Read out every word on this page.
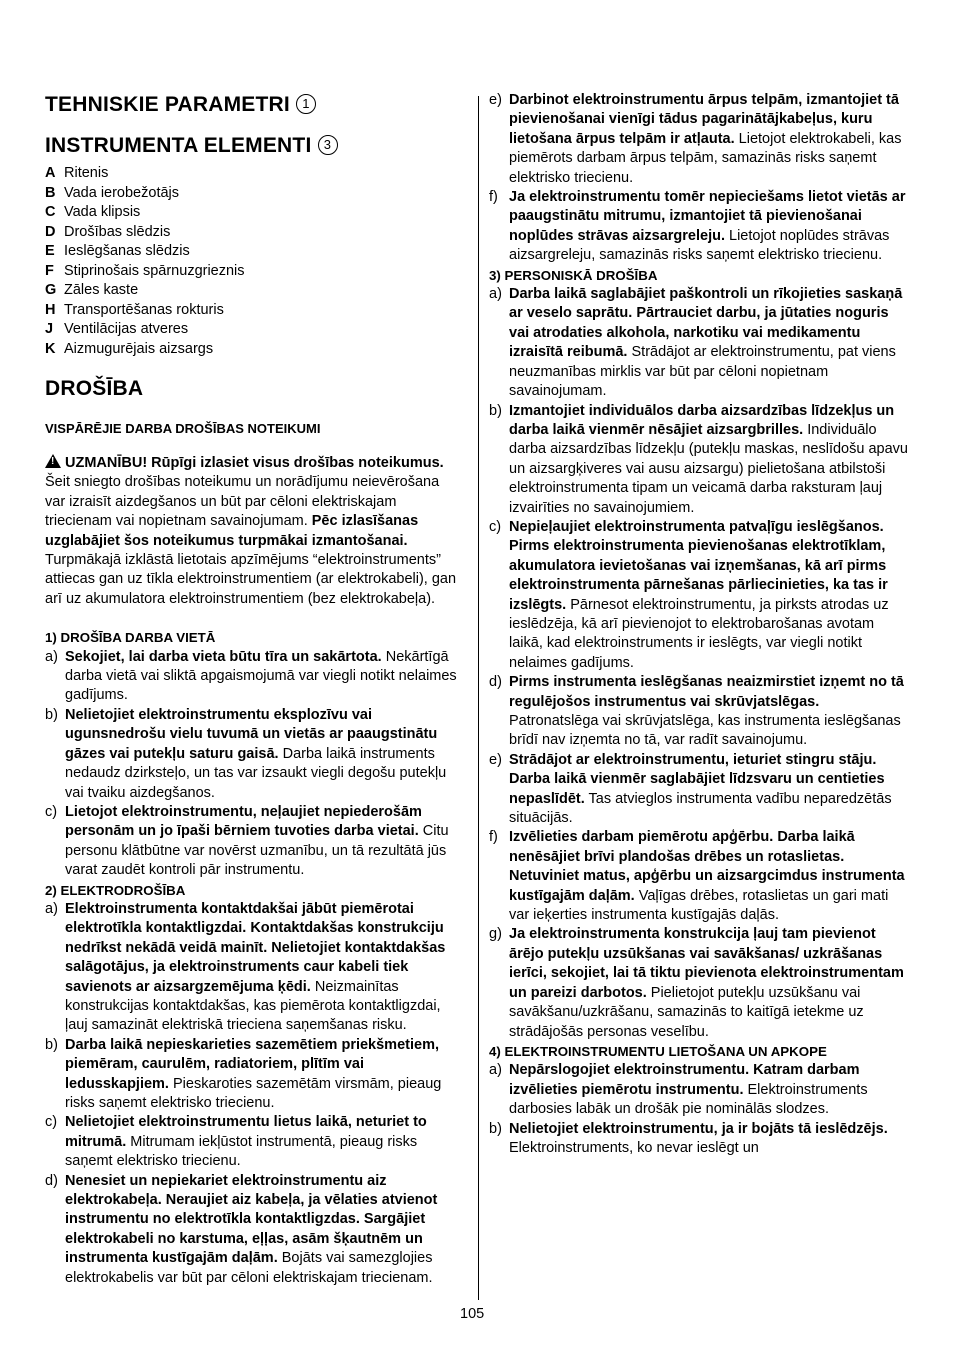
TEHNISKIE PARAMETRI 1
INSTRUMENTA ELEMENTI 3
A Ritenis
B Vada ierobežotājs
C Vada klipsis
D Drošības slēdzis
E Ieslēgšanas slēdzis
F Stiprinošais spārnuzgrieznis
G Zāles kaste
H Transportēšanas rokturis
J Ventilācijas atveres
K Aizmugurējais aizsargs
DROŠĪBA
VISPĀRĒJIE DARBA DROŠĪBAS NOTEIKUMI

!UZMANĪBU! Rūpīgi izlasiet visus drošības noteikumus. Šeit sniegto drošības noteikumu un norādījumu neievērošana var izraisīt aizdegšanos un būt par cēloni elektriskajam triecienam vai nopietnam savainojumam. Pēc izlasīšanas uzglabājiet šos noteikumus turpmākai izmantošanai. Turpmākajā izklāstā lietotais apzīmējums “elektroinstruments” attiecas gan uz tīkla elektroinstrumentiem (ar elektrokabeli), gan arī uz akumulatora elektroinstrumentiem (bez elektrokabeļa).

1) DROŠĪBA DARBA VIETĀ

a) Sekojiet, lai darba vieta būtu tīra un sakārtota. Nekārtīgā darba vietā vai sliktā apgaismojumā var viegli notikt nelaimes gadījums.
b) Nelietojiet elektroinstrumentu eksplozīvu vai ugunsnedrošu vielu tuvumā un vietās ar paaugstinātu gāzes vai putekļu saturu gaisā. Darba laikā instruments nedaudz dzirksteļo, un tas var izsaukt viegli degošu putekļu vai tvaiku aizdegšanos.
c) Lietojot elektroinstrumentu, neļaujiet nepiederošām personām un jo īpaši bērniem tuvoties darba vietai. Citu personu klātbūtne var novērst uzmanību, un tā rezultātā jūs varat zaudēt kontroli pār instrumentu.

2) ELEKTRODROŠĪBA

a) Elektroinstrumenta kontaktdakšai jābūt piemērotai elektrotīkla kontaktligzdai. Kontaktdakšas konstrukciju nedrīkst nekādā veidā mainīt. Nelietojiet kontaktdakšas salāgotājus, ja elektroinstruments caur kabeli tiek savienots ar aizsargzemējuma ķēdi. Neizmainītas konstrukcijas kontaktdakšas, kas piemērota kontaktligzdai, ļauj samazināt elektriskā trieciena saņemšanas risku.
b) Darba laikā nepieskarieties sazemētiem priekšmetiem, piemēram, caurulēm, radiatoriem, plītīm vai ledusskapjiem. Pieskaroties sazemētām virsmām, pieaug risks saņemt elektrisko triecienu.
c) Nelietojiet elektroinstrumentu lietus laikā, neturiet to mitrumā. Mitrumam iekļūstot instrumentā, pieaug risks saņemt elektrisko triecienu.
d) Nenesiet un nepiekariet elektroinstrumentu aiz elektrokabeļa. Neraujiet aiz kabeļa, ja vēlaties atvienot instrumentu no elektrotīkla kontaktligzdas. Sargājiet elektrokabeli no karstuma, eļļas, asām šķautnēm un instrumenta kustīgajām daļām. Bojāts vai samezglojies elektrokabelis var būt par cēloni elektriskajam triecienam.
e) Darbinot elektroinstrumentu ārpus telpām, izmantojiet tā pievienošanai vienīgi tādus pagarinātājkabeļus, kuru lietošana ārpus telpām ir atļauta. Lietojot elektrokabeli, kas piemērots darbam ārpus telpām, samazinās risks saņemt elektrisko triecienu.
f) Ja elektroinstrumentu tomēr nepieciešams lietot vietās ar paaugstinātu mitrumu, izmantojiet tā pievienošanai noplūdes strāvas aizsargreleju. Lietojot noplūdes strāvas aizsargreleju, samazinās risks saņemt elektrisko triecienu.

3) PERSONISKĀ DROŠĪBA

a) Darba laikā saglabājiet paškontroli un rīkojieties saskaņā ar veselo saprātu. Pārtrauciet darbu, ja jūtaties noguris vai atrodaties alkohola, narkotiku vai medikamentu izraisītā reibumā. Strādājot ar elektroinstrumentu, pat viens neuzmanības mirklis var būt par cēloni nopietnam savainojumam.
b) Izmantojiet individuālos darba aizsardzības līdzekļus un darba laikā vienmēr nēsājiet aizsargbrilles. Individuālo darba aizsardzības līdzekļu (putekļu maskas, neslīdošu apavu un aizsargķiveres vai ausu aizsargu) pielietošana atbilstoši elektroinstrumenta tipam un veicamā darba raksturam ļauj izvairīties no savainojumiem.
c) Nepieļaujiet elektroinstrumenta patvaļīgu ieslēgšanos. Pirms elektroinstrumenta pievienošanas elektrotīklam, akumulatora ievietošanas vai izņemšanas, kā arī pirms elektroinstrumenta pārnešanas pārliecinieties, ka tas ir izslēgts. Pārnesot elektroinstrumentu, ja pirksts atrodas uz ieslēdzēja, kā arī pievienojot to elektrobarošanas avotam laikā, kad elektroinstruments ir ieslēgts, var viegli notikt nelaimes gadījums.
d) Pirms instrumenta ieslēgšanas neaizmirstiet izņemt no tā regulējošos instrumentus vai skrūvjatslēgas. Patronatslēga vai skrūvjatslēga, kas instrumenta ieslēgšanas brīdī nav izņemta no tā, var radīt savainojumu.
e) Strādājot ar elektroinstrumentu, ieturiet stingru stāju. Darba laikā vienmēr saglabājiet līdzsvaru un centieties nepaslīdēt. Tas atvieglos instrumenta vadību neparedzētās situācijās.
f) Izvēlieties darbam piemērotu apģērbu. Darba laikā nenēsājiet brīvi plandošas drēbes un rotaslietas. Netuviniet matus, apģērbu un aizsargcimdus instrumenta kustīgajām daļām. Vaļīgas drēbes, rotaslietas un gari mati var ieķerties instrumenta kustīgajās daļās.
g) Ja elektroinstrumenta konstrukcija ļauj tam pievienot ārējo putekļu uzsūkšanas vai savākšanas/ uzkrāšanas ierīci, sekojiet, lai tā tiktu pievienota elektroinstrumentam un pareizi darbotos. Pielietojot putekļu uzsūkšanu vai savākšanu/uzkrāšanu, samazinās to kaitīgā ietekme uz strādājošās personas veselību.

4) ELEKTROINSTRUMENTU LIETOŠANA UN APKOPE

a) Nepārslogojiet elektroinstrumentu. Katram darbam izvēlieties piemērotu instrumentu. Elektroinstruments darbosies labāk un drošāk pie nominālās slodzes.
b) Nelietojiet elektroinstrumentu, ja ir bojāts tā ieslēdzējs. Elektroinstruments, ko nevar ieslēgt un
105
